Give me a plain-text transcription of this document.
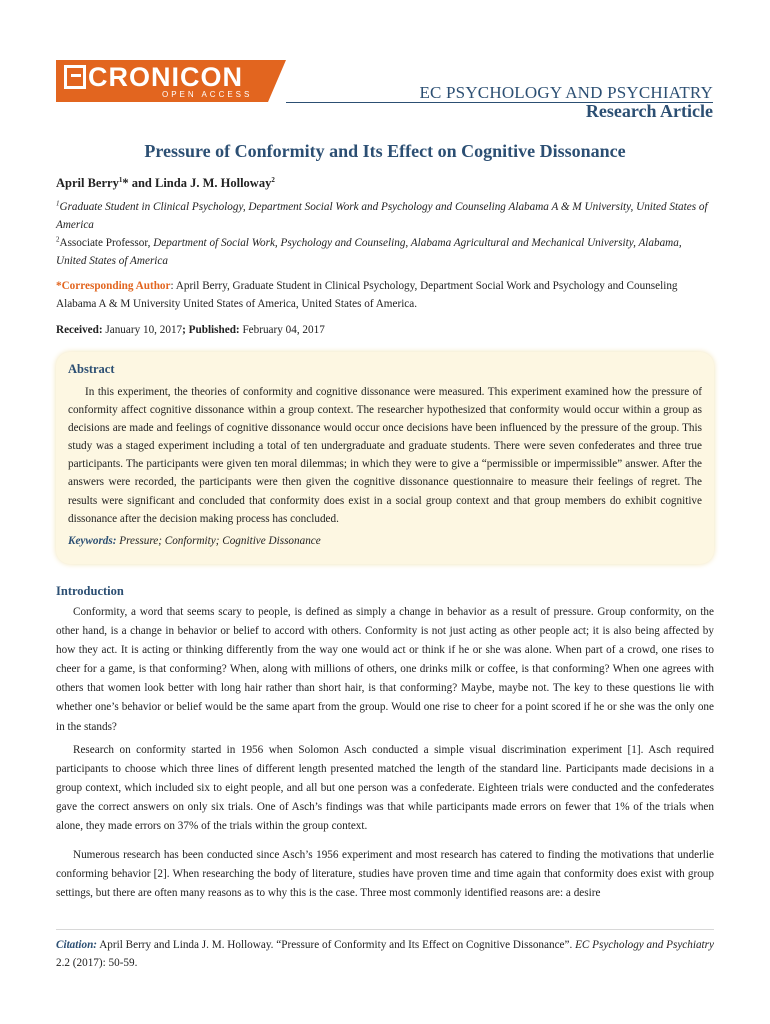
CRONICON
OPEN ACCESS	EC PSYCHOLOGY AND PSYCHIATRY
Research Article
Pressure of Conformity and Its Effect on Cognitive Dissonance
April Berry$^1$* and Linda J. M. Holloway$^2$
$^1$Graduate Student in Clinical Psychology, Department Social Work and Psychology and Counseling Alabama A & M University, United States of America
$^2$Associate Professor, Department of Social Work, Psychology and Counseling, Alabama Agricultural and Mechanical University, Alabama, United States of America
*Corresponding Author: April Berry, Graduate Student in Clinical Psychology, Department Social Work and Psychology and Counseling Alabama A & M University United States of America, United States of America.
Received: January 10, 2017; Published: February 04, 2017
Abstract
In this experiment, the theories of conformity and cognitive dissonance were measured. This experiment examined how the pressure of conformity affect cognitive dissonance within a group context. The researcher hypothesized that conformity would occur within a group as decisions are made and feelings of cognitive dissonance would occur once decisions have been influenced by the pressure of the group. This study was a staged experiment including a total of ten undergraduate and graduate students. There were seven confederates and three true participants. The participants were given ten moral dilemmas; in which they were to give a “permissible or impermissible” answer. After the answers were recorded, the participants were then given the cognitive dissonance questionnaire to measure their feelings of regret. The results were significant and concluded that conformity does exist in a social group context and that group members do exhibit cognitive dissonance after the decision making process has concluded.
Keywords: Pressure; Conformity; Cognitive Dissonance
Introduction
Conformity, a word that seems scary to people, is defined as simply a change in behavior as a result of pressure. Group conformity, on the other hand, is a change in behavior or belief to accord with others. Conformity is not just acting as other people act; it is also being affected by how they act. It is acting or thinking differently from the way one would act or think if he or she was alone. When part of a crowd, one rises to cheer for a game, is that conforming? When, along with millions of others, one drinks milk or coffee, is that conforming? When one agrees with others that women look better with long hair rather than short hair, is that conforming? Maybe, maybe not. The key to these questions lie with whether one’s behavior or belief would be the same apart from the group. Would one rise to cheer for a point scored if he or she was the only one in the stands?
Research on conformity started in 1956 when Solomon Asch conducted a simple visual discrimination experiment [1]. Asch required participants to choose which three lines of different length presented matched the length of the standard line. Participants made decisions in a group context, which included six to eight people, and all but one person was a confederate. Eighteen trials were conducted and the confederates gave the correct answers on only six trials. One of Asch’s findings was that while participants made errors on fewer that 1% of the trials when alone, they made errors on 37% of the trials within the group context.
Numerous research has been conducted since Asch’s 1956 experiment and most research has catered to finding the motivations that underlie conforming behavior [2]. When researching the body of literature, studies have proven time and time again that conformity does exist with group settings, but there are often many reasons as to why this is the case. Three most commonly identified reasons are: a desire
Citation: April Berry and Linda J. M. Holloway. “Pressure of Conformity and Its Effect on Cognitive Dissonance”. EC Psychology and Psychiatry 2.2 (2017): 50-59.
